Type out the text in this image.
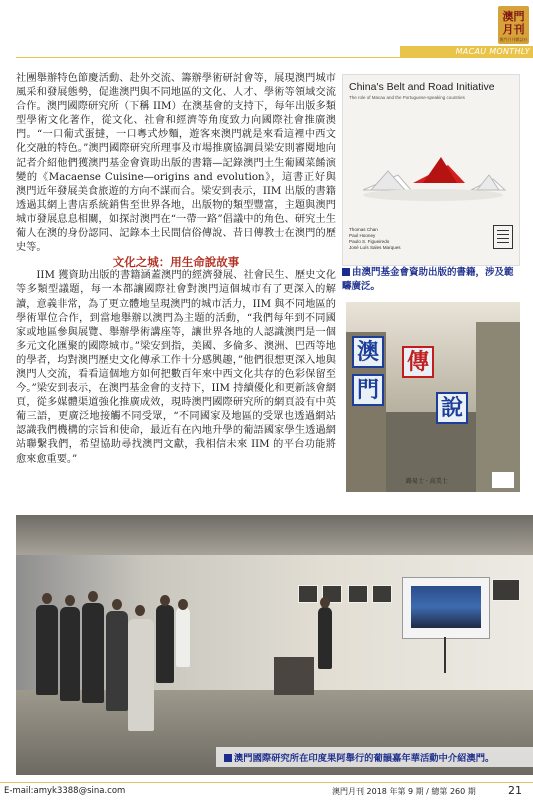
澳門
月刊
澳門月刊雜誌社
MACAU MONTHLY

社團舉辦特色節慶活動、赴外交流、籌辦學術研討會等，展現澳門城市風采和發展態勢，促進澳門與不同地區的文化、人才、學術等領域交流合作。澳門國際研究所（下稱 IIM）在澳基會的支持下，每年出版多類型學術文化著作，從文化、社會和經濟等角度致力向國際社會推廣澳門。“一口葡式蛋撻，一口粵式炒麵，遊客來澳門就是來看這裡中西文化交融的特色。”澳門國際研究所理事及市場推廣協調員梁安則審閱地向記者介紹他們獲澳門基金會資助出版的書籍—記錄澳門土生葡國菜餚演變的《Macaense Cuisine—origins and evolution》，這書正好與澳門近年發展美食旅遊的方向不謀而合。梁安到表示，IIM 出版的書籍透過其網上書店系統銷售至世界各地，出版物的類型豐富，主題與澳門城市發展息息相關，如探討澳門在“一帶一路”倡議中的角色、研究土生葡人在澳的身份認同、記錄本土民間信俗傳說、昔日傳教士在澳門的歷史等。

文化之城：用生命說故事

IIM 獲資助出版的書籍涵蓋澳門的經濟發展、社會民生、歷史文化等多類型議題，每一本都讓國際社會對澳門這個城市有了更深入的解讀，意義非常，為了更立體地呈現澳門的城市活力，IIM 與不同地區的學術單位合作，到當地舉辦以澳門為主題的活動，“我們每年到不同國家或地區參與展覽、舉辦學術講座等，讓世界各地的人認識澳門是一個多元文化匯聚的國際城市。”梁安到指，美國、多倫多、澳洲、巴西等地的學者，均對澳門歷史文化傳承工作十分感興趣，”他們很想更深入地與澳門人交流，看看這個地方如何把數百年來中西文化共存的色彩保留至今。”梁安到表示，在澳門基金會的支持下，IIM 持續優化和更新該會網頁，從多媒體渠道強化推廣成效，現時澳門國際研究所的網頁設有中英葡三語，更廣泛地接觸不同受眾，“不同國家及地區的受眾也透過網站認識我們機構的宗旨和使命，最近有在內地升學的葡語國家學生透過網站聯繫我們，希望協助尋找澳門文獻，我相信未來 IIM 的平台功能將愈來愈重要。”

China's Belt and Road Initiative
The role of Macau and the Portuguese-speaking countries
Thomas Chan
Paul Hooney
Paulo S. Figueiredo
José Luís Sales Marques
由澳門基金會資助出版的書籍，涉及範疇廣泛。
澳
門
傳
說
路易士 · 高美士
澳門國際研究所在印度果阿舉行的葡韻嘉年華活動中介紹澳門。
E-mail:amyk3388@sina.com	澳門月刊 2018 年第 9 期 / 總第 260 期	21
